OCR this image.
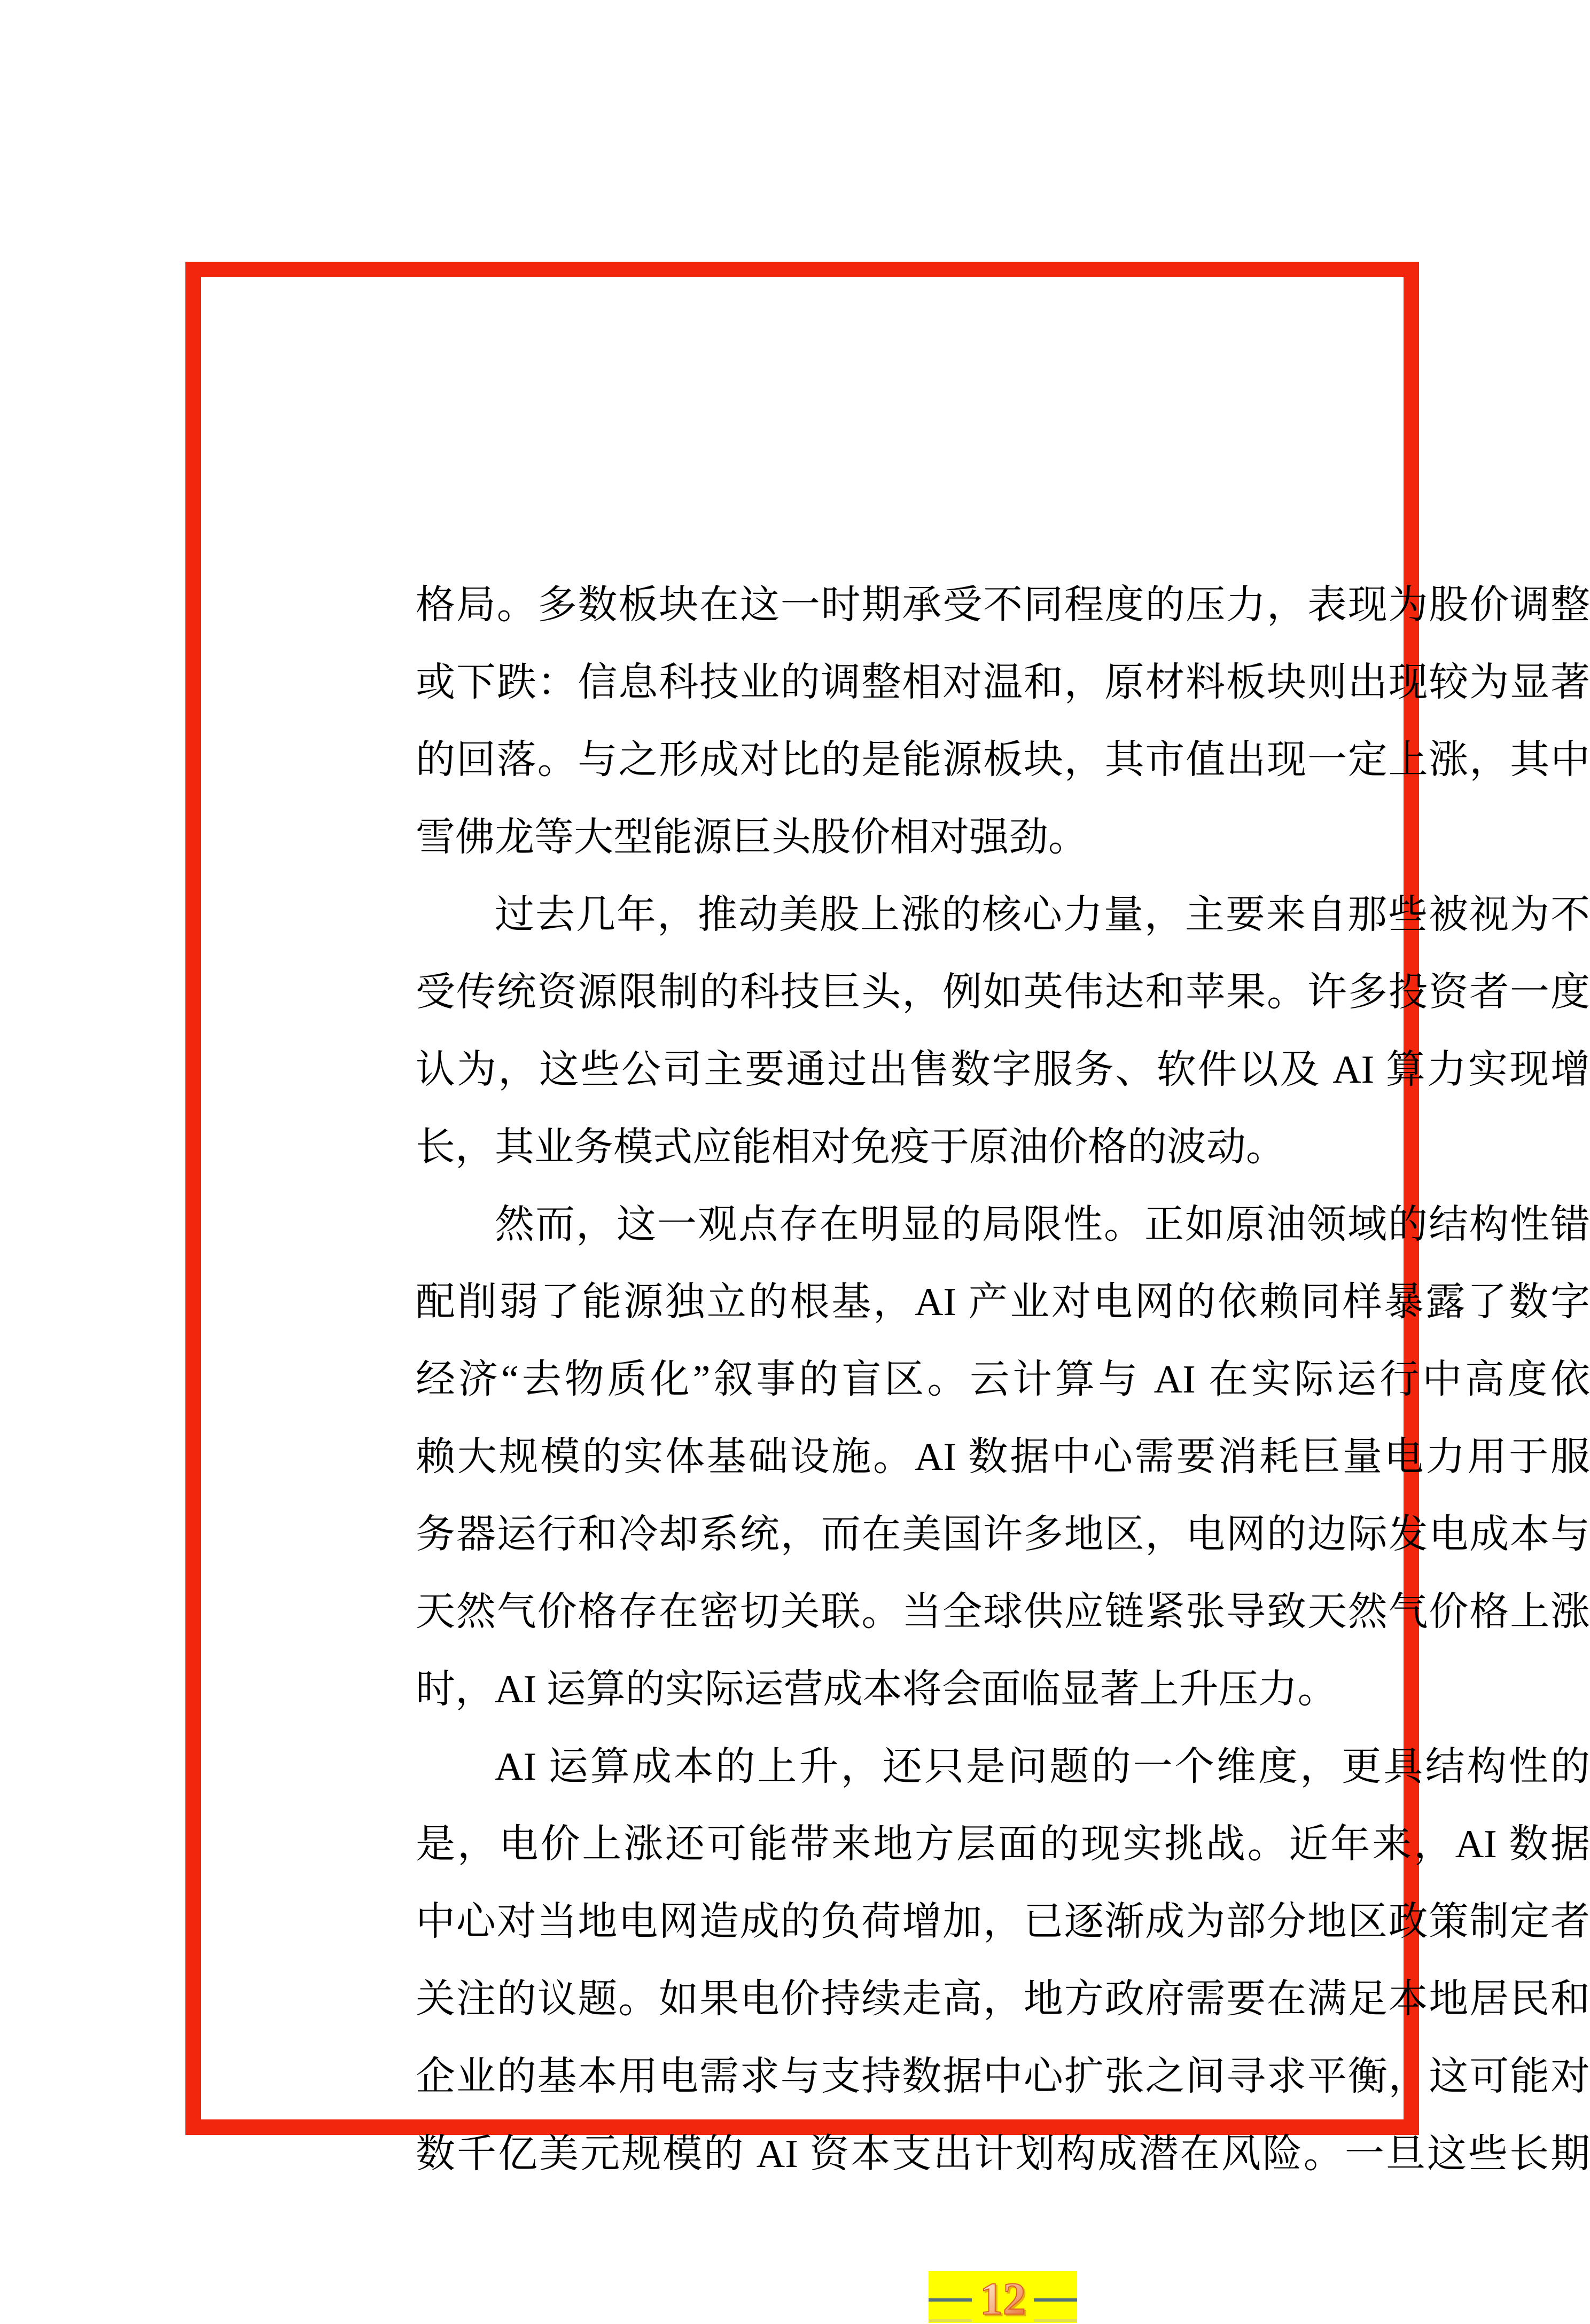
格局。多数板块在这一时期承受不同程度的压力，表现为股价调整
或下跌：信息科技业的调整相对温和，原材料板块则出现较为显著
的回落。与之形成对比的是能源板块，其市值出现一定上涨，其中
雪佛龙等大型能源巨头股价相对强劲。
过去几年，推动美股上涨的核心力量，主要来自那些被视为不
受传统资源限制的科技巨头，例如英伟达和苹果。许多投资者一度
认为，这些公司主要通过出售数字服务、软件以及 AI 算力实现增
长，其业务模式应能相对免疫于原油价格的波动。
然而，这一观点存在明显的局限性。正如原油领域的结构性错
配削弱了能源独立的根基，AI 产业对电网的依赖同样暴露了数字
经济“去物质化”叙事的盲区。云计算与 AI 在实际运行中高度依
赖大规模的实体基础设施。AI 数据中心需要消耗巨量电力用于服
务器运行和冷却系统，而在美国许多地区，电网的边际发电成本与
天然气价格存在密切关联。当全球供应链紧张导致天然气价格上涨
时，AI 运算的实际运营成本将会面临显著上升压力。
AI 运算成本的上升，还只是问题的一个维度，更具结构性的
是，电价上涨还可能带来地方层面的现实挑战。近年来，AI 数据
中心对当地电网造成的负荷增加，已逐渐成为部分地区政策制定者
关注的议题。如果电价持续走高，地方政府需要在满足本地居民和
企业的基本用电需求与支持数据中心扩张之间寻求平衡，这可能对
数千亿美元规模的 AI 资本支出计划构成潜在风险。一旦这些长期
12
